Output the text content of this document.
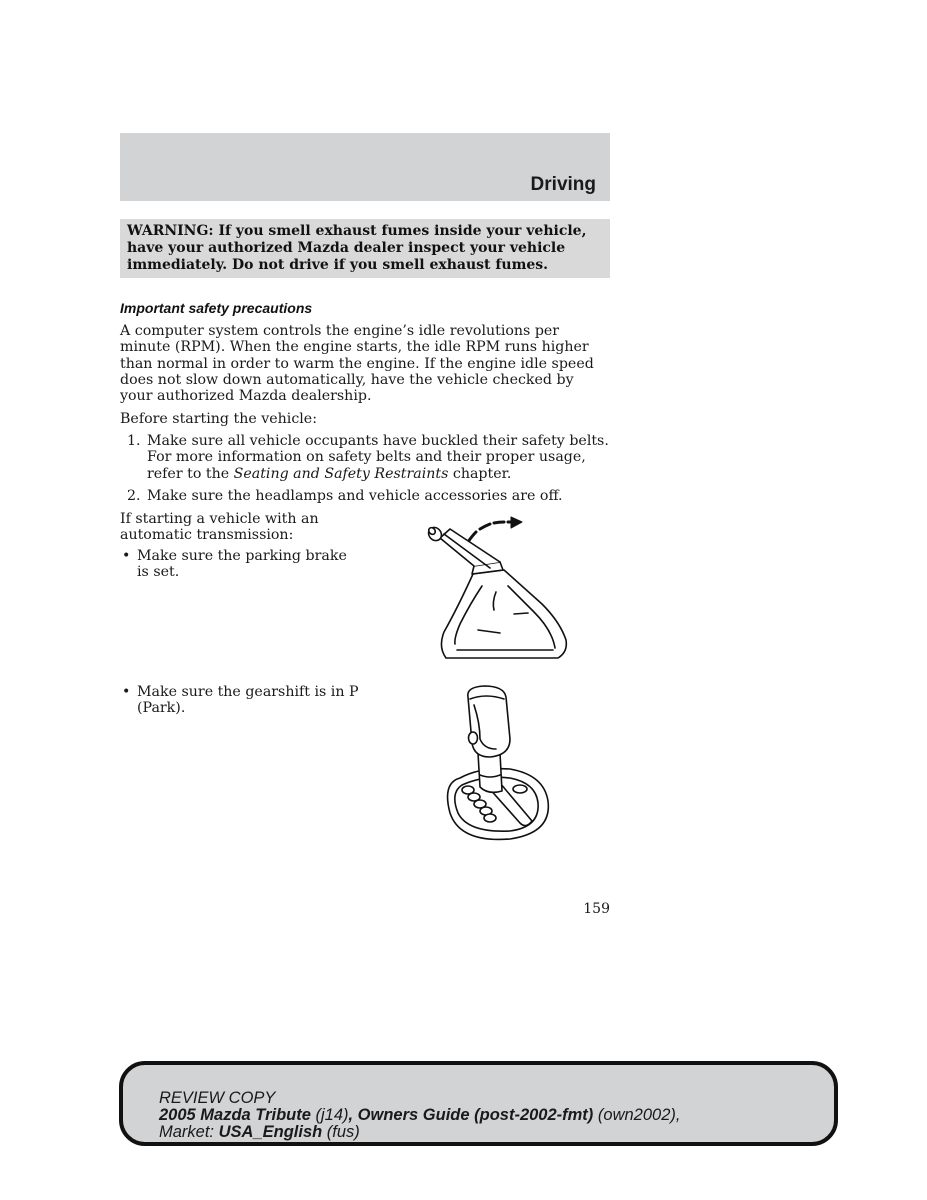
Driving
WARNING: If you smell exhaust fumes inside your vehicle, have your authorized Mazda dealer inspect your vehicle immediately. Do not drive if you smell exhaust fumes.
Important safety precautions

A computer system controls the engine’s idle revolutions per minute (RPM). When the engine starts, the idle RPM runs higher than normal in order to warm the engine. If the engine idle speed does not slow down automatically, have the vehicle checked by your authorized Mazda dealership.

Before starting the vehicle:

1. Make sure all vehicle occupants have buckled their safety belts. For more information on safety belts and their proper usage, refer to the Seating and Safety Restraints chapter.
2. Make sure the headlamps and vehicle accessories are off.

If starting a vehicle with an automatic transmission:

• Make sure the parking brake is set.
• Make sure the gearshift is in P (Park).
159
REVIEW COPY
2005 Mazda Tribute (j14), Owners Guide (post-2002-fmt) (own2002),
Market: USA_English (fus)
